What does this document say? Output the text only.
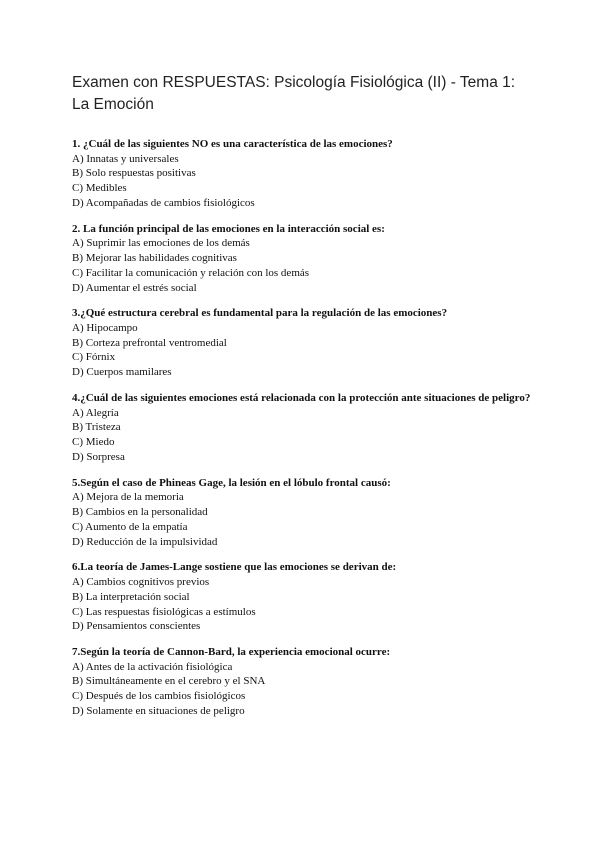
Examen con RESPUESTAS: Psicología Fisiológica (II) - Tema 1: La Emoción

1. ¿Cuál de las siguientes NO es una característica de las emociones?

A) Innatas y universales

B) Solo respuestas positivas

C) Medibles

D) Acompañadas de cambios fisiológicos

2. La función principal de las emociones en la interacción social es:

A) Suprimir las emociones de los demás

B) Mejorar las habilidades cognitivas

C) Facilitar la comunicación y relación con los demás

D) Aumentar el estrés social

3.¿Qué estructura cerebral es fundamental para la regulación de las emociones?

A) Hipocampo

B) Corteza prefrontal ventromedial

C) Fórnix

D) Cuerpos mamilares

4.¿Cuál de las siguientes emociones está relacionada con la protección ante situaciones de peligro?

A) Alegría

B) Tristeza

C) Miedo

D) Sorpresa

5.Según el caso de Phineas Gage, la lesión en el lóbulo frontal causó:

A) Mejora de la memoria

B) Cambios en la personalidad

C) Aumento de la empatía

D) Reducción de la impulsividad

6.La teoría de James-Lange sostiene que las emociones se derivan de:

A) Cambios cognitivos previos

B) La interpretación social

C) Las respuestas fisiológicas a estímulos

D) Pensamientos conscientes

7.Según la teoría de Cannon-Bard, la experiencia emocional ocurre:

A) Antes de la activación fisiológica

B) Simultáneamente en el cerebro y el SNA

C) Después de los cambios fisiológicos

D) Solamente en situaciones de peligro
